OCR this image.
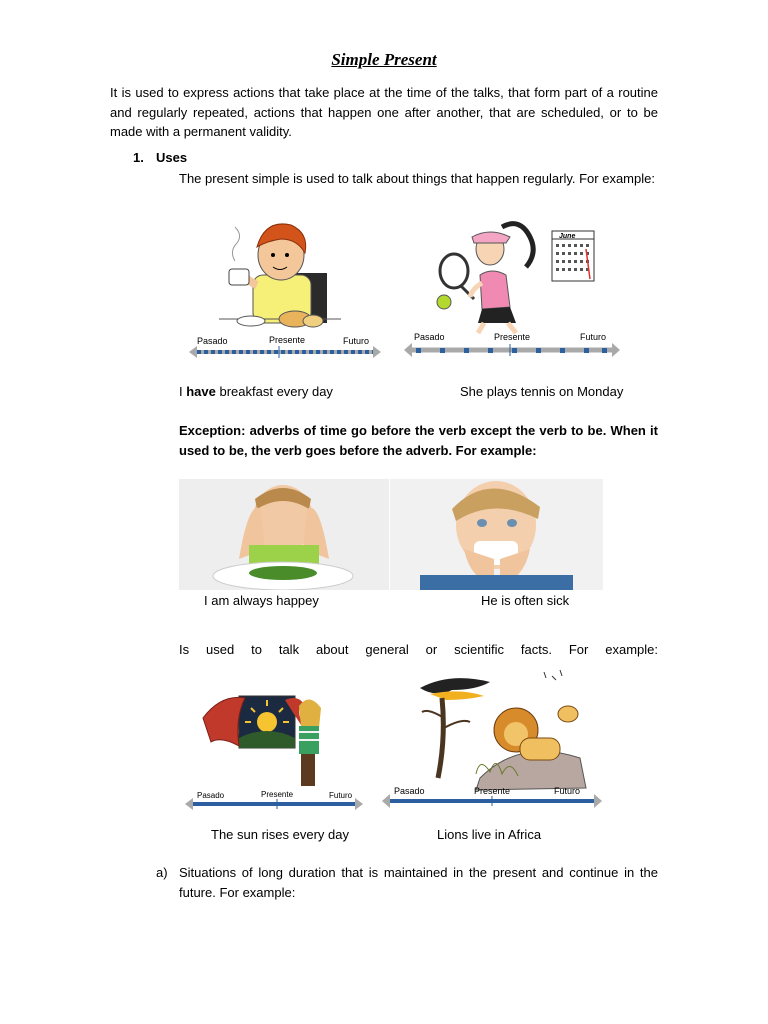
Simple Present
It is used to express actions that take place at the time of the talks, that form part of a routine and regularly repeated, actions that happen one after another, that are scheduled, or to be made with a permanent validity.
1. Uses
The present simple is used to talk about things that happen regularly. For example:
Pasado	Presente	Futuro
June
Pasado	Presente	Futuro
I have breakfast every day	She plays tennis on Monday
Exception: adverbs of time go before the verb except the verb to be. When it used to be, the verb goes before the adverb. For example:
I am always happey	He is often sick
Is used to talk about general or scientific facts. For example:
Pasado	Presente	Futuro	Pasado	Presente	Futuro
The sun rises every day	Lions live in Africa
a) Situations of long duration that is maintained in the present and continue in the future. For example:
